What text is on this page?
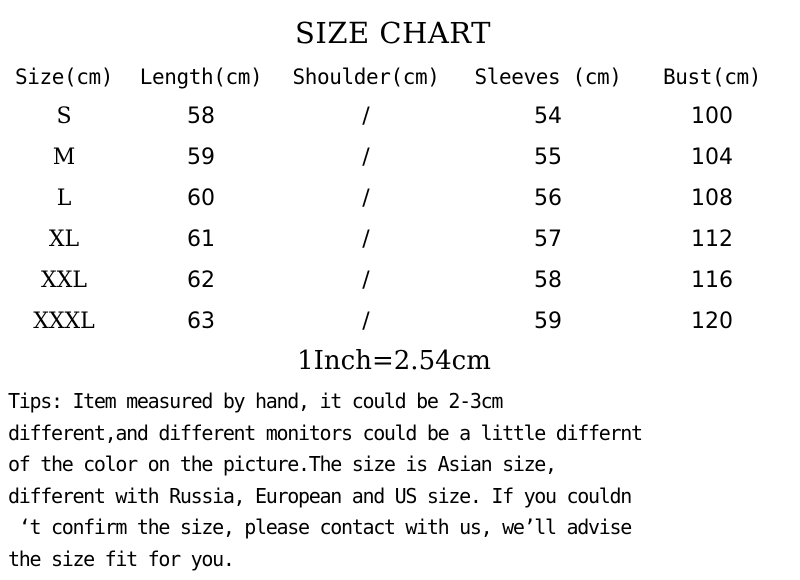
SIZE CHART
Size(cm)	Length(cm)	Shoulder(cm)	Sleeves (cm)	Bust(cm)
S	58	/	54	100
M	59	/	55	104
L	60	/	56	108
XL	61	/	57	112
XXL	62	/	58	116
XXXL	63	/	59	120
1Inch=2.54cm
Tips: Item measured by hand, it could be 2-3cm
different,and different monitors could be a little differnt
of the color on the picture.The size is Asian size,
different with Russia, European and US size. If you couldn
‘t confirm the size, please contact with us, we’ll advise
the size fit for you.
